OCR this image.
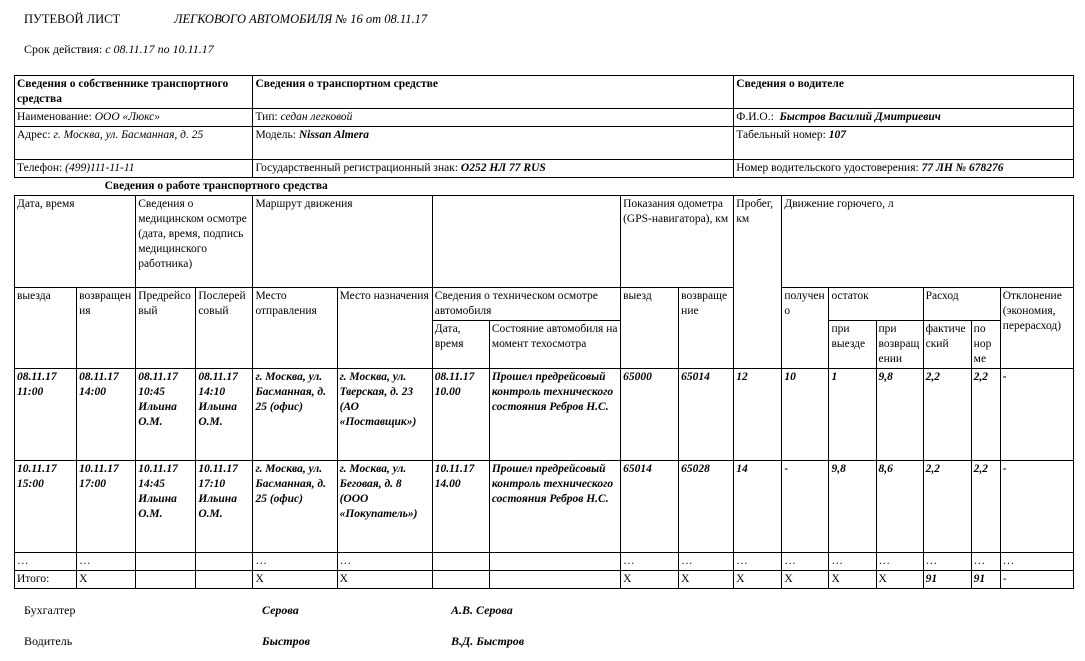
ПУТЕВОЙ ЛИСТ	ЛЕГКОВОГО АВТОМОБИЛЯ № 16 от 08.11.17
Срок действия: с 08.11.17 по 10.11.17
Сведения о собственнике транспортного средства				Сведения о транспортном средстве						Сведения о водителе						
Наименование: ООО «Люкс»				Тип: седан легковой						Ф.И.О.: Быстров Василий Дмитриевич						
Адрес: г. Москва, ул. Басманная, д. 25				Модель: Nissan Almera						Табельный номер: 107						
Телефон: (499)111-11-11				Государственный регистрационный знак: О252 НЛ 77 RUS						Номер водительского удостоверения: 77 ЛН № 678276						
	Сведения о работе транспортного средства															
Дата, время		Сведения о медицинском осмотре (дата, время, подпись медицинского работника)		Маршрут движения				Показания одометра (GPS-навигатора), км		Пробег, км	Движение горючего, л					
выезда	возвращения	Предрейсовый	Послерейсовый	Место отправления	Место назначения	Сведения о техническом осмотре автомобиля		выезд	возвращение		получено	остаток		Расход		Отклонение (экономия, перерасход)
						Дата, время	Состояние автомобиля на момент техосмотра					при выезде	при возвращении	фактический	по норме	
08.11.17 11:00	08.11.17 14:00	08.11.17 10:45 Ильина О.М.	08.11.17 14:10 Ильина О.М.	г. Москва, ул. Басманная, д. 25 (офис)	г. Москва, ул. Тверская, д. 23 (АО «Поставщик»)	08.11.17 10.00	Прошел предрейсовый контроль технического состояния Ребров Н.С.	65000	65014	12	10	1	9,8	2,2	2,2	-
10.11.17 15:00	10.11.17 17:00	10.11.17 14:45 Ильина О.М.	10.11.17 17:10 Ильина О.М.	г. Москва, ул. Басманная, д. 25 (офис)	г. Москва, ул. Беговая, д. 8 (ООО «Покупатель»)	10.11.17 14.00	Прошел предрейсовый контроль технического состояния Ребров Н.С.	65014	65028	14	-	9,8	8,6	2,2	2,2	-
…	…			…	…			…	…	…	…	…	…	…	…	…
Итого:	Х			Х	Х			Х	Х	Х	Х	Х	Х	91	91	-
Бухгалтер	Серова	А.В. Серова
Водитель	Быстров	В.Д. Быстров
